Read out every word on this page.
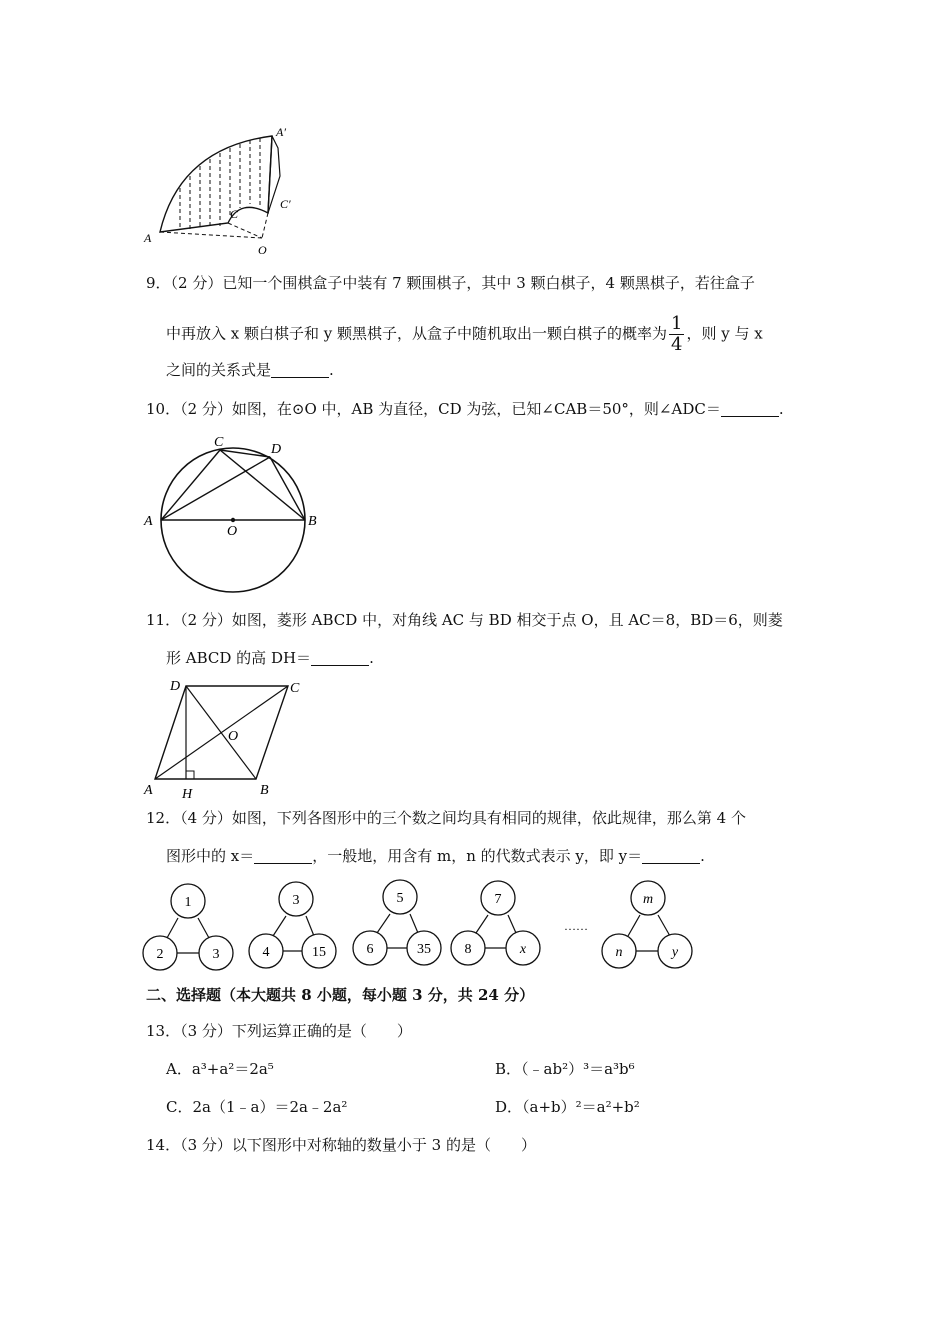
A′
C′
C
A
O
9．（2 分）已知一个围棋盒子中装有 7 颗围棋子，其中 3 颗白棋子，4 颗黑棋子，若往盒子
中再放入 x 颗白棋子和 y 颗黑棋子，从盒子中随机取出一颗白棋子的概率为 $\frac{1}{4}$ ，则 y 与 x
之间的关系式是	.
10．（2 分）如图，在⊙O 中，AB 为直径，CD 为弦，已知∠CAB＝50°，则∠ADC＝	.
C	D
A
O
B
11．（2 分）如图，菱形 ABCD 中，对角线 AC 与 BD 相交于点 O，且 AC＝8，BD＝6，则菱
形 ABCD 的高 DH＝	.
D	C
O
A H	B
12．（4 分）如图，下列各图形中的三个数之间均具有相同的规律，依此规律，那么第 4 个
图形中的 x＝	，一般地，用含有 m，n 的代数式表示 y，即 y＝	.
1
2	3
3
4	15
5
6	35
7
8	x
……
m
n	y
二、选择题（本大题共 8 小题，每小题 3 分，共 24 分）
13．（3 分）下列运算正确的是（　　）
A．a³+a²＝2a⁵	B．（﹣ab²）³＝a³b⁶
C．2a（1﹣a）＝2a﹣2a²	D．（a+b）²＝a²+b²
14．（3 分）以下图形中对称轴的数量小于 3 的是（　　）
